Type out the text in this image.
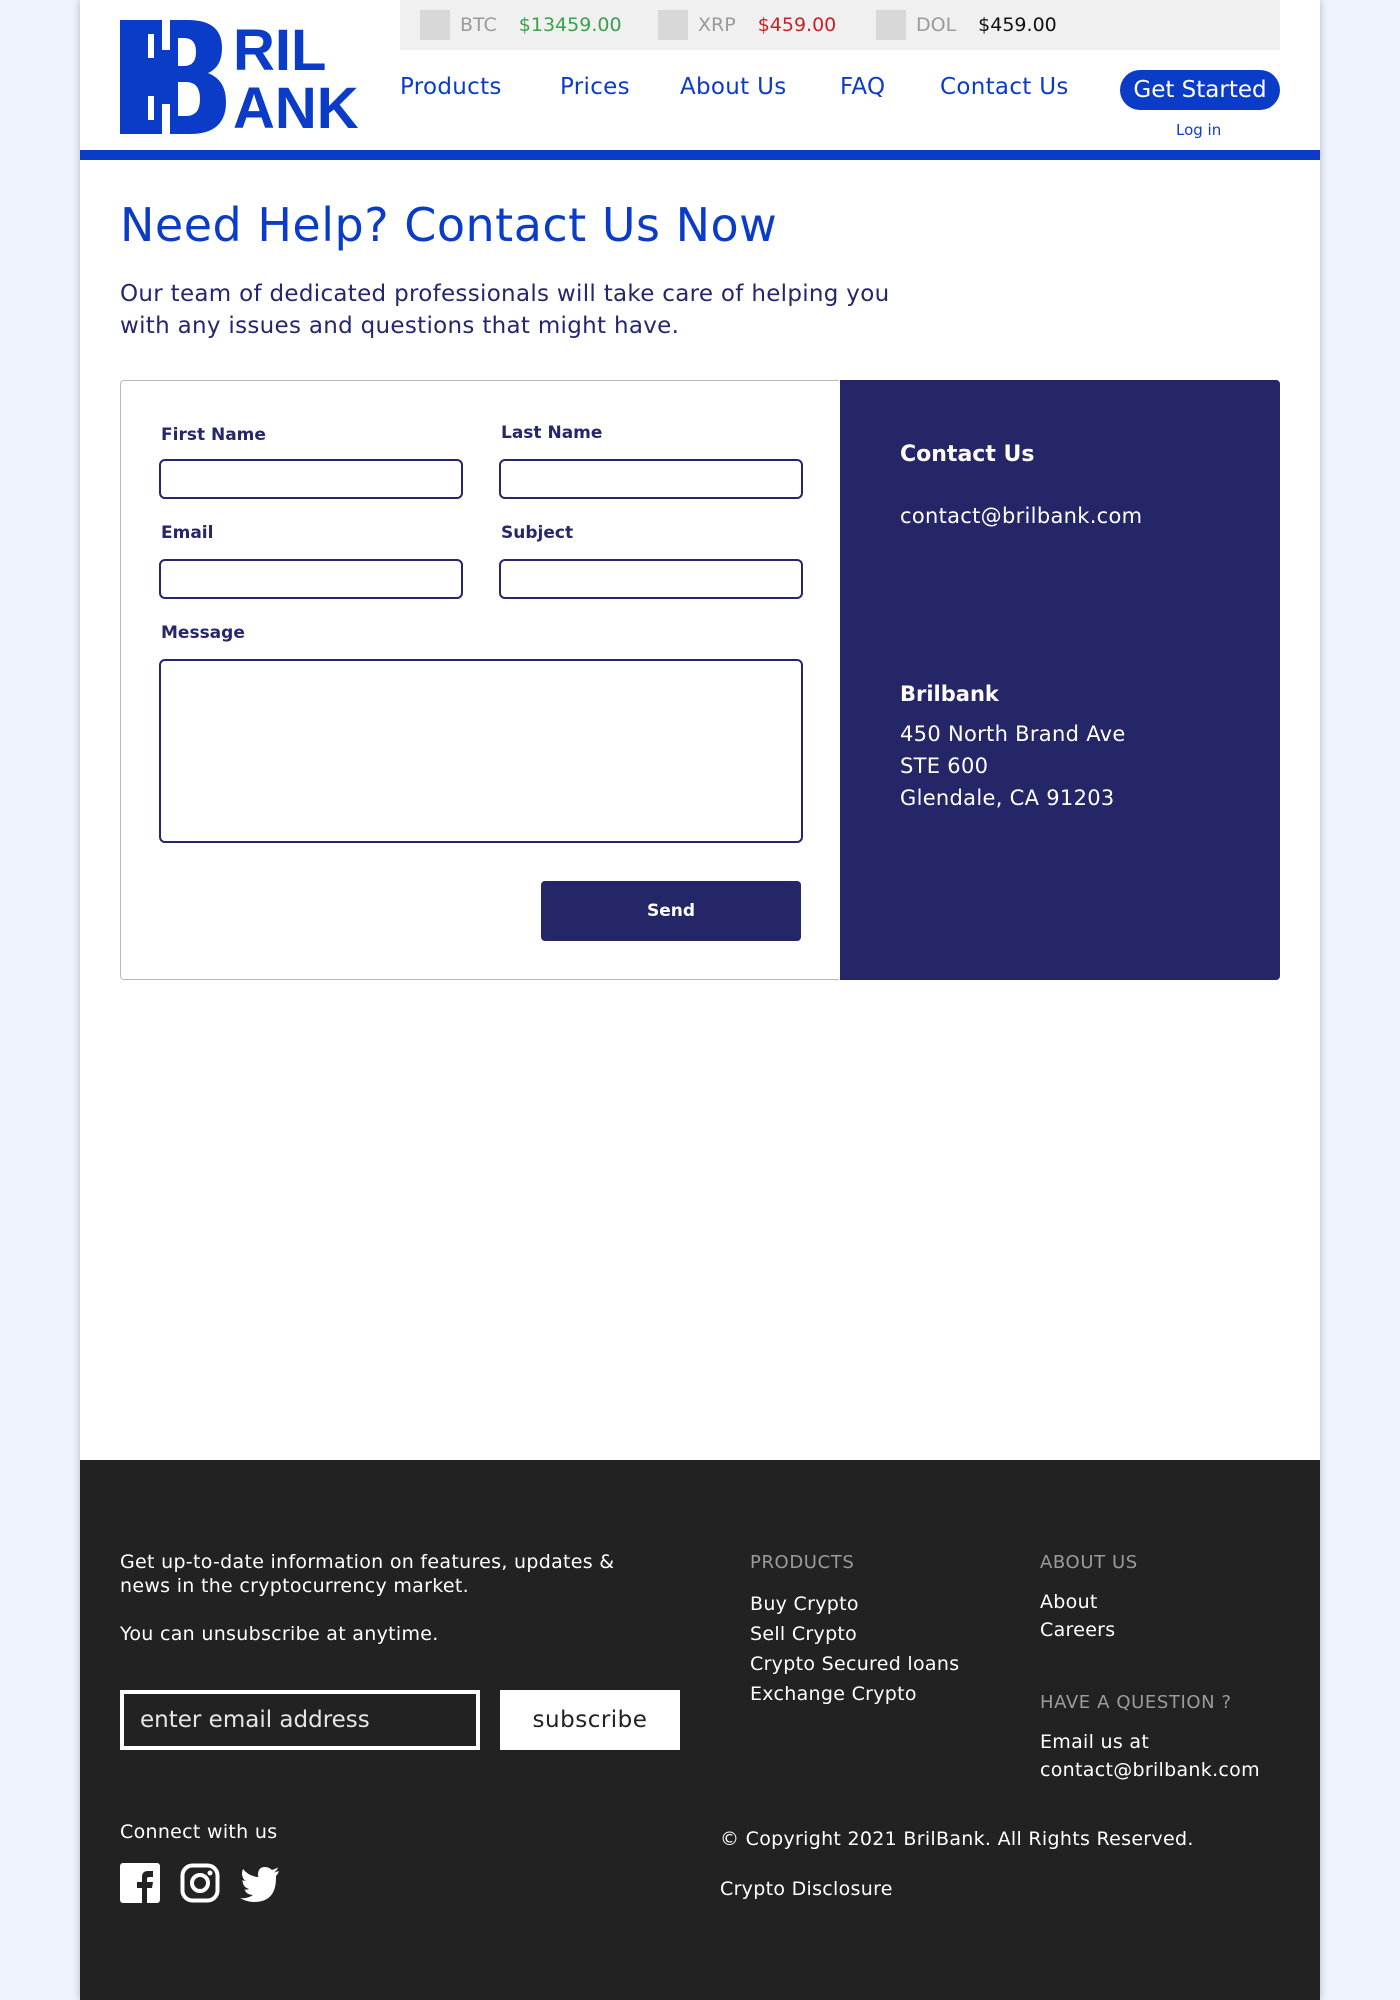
RIL
ANK
BTC $13459.00	XRP $459.00	DOL $459.00
Products	Prices About Us FAQ Contact Us	Get Started
Log in
Need Help? Contact Us Now

Our team of dedicated professionals will take care of helping you with any issues and questions that might have.

First Name	Last Name
Email	Subject
Message
Send
Contact Us
contact@brilbank.com
Brilbank
450 North Brand Ave
STE 600
Glendale, CA 91203
Get up-to-date information on features, updates & news in the cryptocurrency market.
You can unsubscribe at anytime.
enter email address
subscribe
PRODUCTS
Buy Crypto
Sell Crypto
Crypto Secured loans
Exchange Crypto
ABOUT US
About
Careers
HAVE A QUESTION ?
Email us at
contact@brilbank.com
Connect with us	© Copyright 2021 BrilBank. All Rights Reserved.
Crypto Disclosure
